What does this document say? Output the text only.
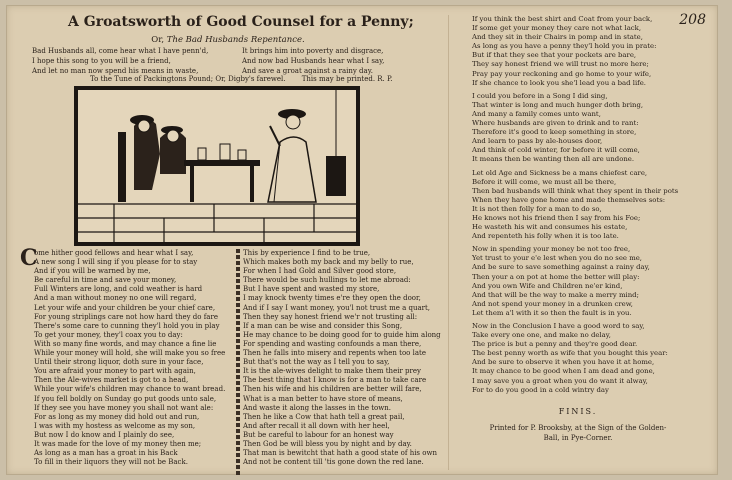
208
A Groatsworth of Good Counsel for a Penny;
Or, The Bad Husbands Repentance.
Bad Husbands all, come hear what I have penn'd,
I hope this song to you will be a friend,
And let no man now spend his means in waste,
It brings him into poverty and disgrace,
And now bad Husbands hear what I say,
And save a groat against a rainy day.
To the Tune of Packingtons Pound; Or, Digby's farewel. This may be printed. R. P.
C
ome hither good fellows and hear what I say,
A new song I will sing if you please for to stay
And if you will be warned by me,
Be careful in time and save your money,
Full Winters are long, and cold weather is hard
And a man without money no one will regard,
Let your wife and your children be your chief care,
For young striplings care not how hard they do fare
There's some care to cunning they'l hold you in play
To get your money, they'l coax you to day:
With so many fine words, and may chance a fine lie
While your money will hold, she will make you so free
Until their strong liquor, doth sure in your face,
You are afraid your money to part with again,
Then the Ale-wives market is got to a head,
While your wife's children may chance to want bread.
If you fell boldly on Sunday go put goods unto sale,
If they see you have money you shall not want ale:
For as long as my money did hold out and run,
I was with my hostess as welcome as my son,
But now I do know and I plainly do see,
It was made for the love of my money then me;
As long as a man has a groat in his Back
To fill in their liquors they will not be Back.
This by experience I find to be true,
Which makes both my back and my belly to rue,
For when I had Gold and Silver good store,
There would be such hullings to let me abroad:
But I have spent and wasted my store,
I may knock twenty times e're they open the door,
And if I say I want money, you'l not trust me a quart,
Then they say honest friend we'r not trusting all:
If a man can be wise and consider this Song,
He may chance to be doing good for to guide him along
For spending and wasting confounds a man there,
Then he falls into misery and repents when too late
But that's not the way as I tell you to say,
It is the ale-wives delight to make them their prey
The best thing that I know is for a man to take care
Then his wife and his children are better will fare,
What is a man better to have store of means,
And waste it along the lasses in the town.
Then he like a Cow that hath tell a great pail,
And after recall it all down with her heel,
But be careful to labour for an honest way
Then God be will bless you by night and by day.
That man is bewitcht that hath a good state of his own
And not be content till 'tis gone down the red lane.
If you think the best shirt and Coat from your back,
If some get your money they care not what lack,
And they sit in their Chairs in pomp and in state,
As long as you have a penny they'l hold you in prate:
But if that they see that your pockets are bare,
They say honest friend we will trust no more here;
Pray pay your reckoning and go home to your wife,
If she chance to look you she'l lead you a bad life.
I could you before in a Song I did sing,
That winter is long and much hunger doth bring,
And many a family comes unto want,
Where husbands are given to drink and to rant:
Therefore it's good to keep something in store,
And learn to pass by ale-houses door,
And think of cold winter, for before it will come,
It means then be wanting then all are undone.
Let old Age and Sickness be a mans chiefest care,
Before it will come, we must all be there,
Then bad husbands will think what they spent in their pots
When they have gone home and made themselves sots:
It is not then folly for a man to do so,
He knows not his friend then I say from his Foe;
He wasteth his wit and consumes his estate,
And repenteth his folly when it is too late.
Now in spending your money be not too free,
Yet trust to your e'e lest when you do no see me,
And be sure to save something against a rainy day,
Then your a on pot at home the better will play:
And you own Wife and Children ne'er kind,
And that will be the way to make a merry mind;
And not spend your money in a drunken crew,
Let them a'l with it so then the fault is in you.
Now in the Conclusion I have a good word to say,
Take every one one, and make no delay,
The price is but a penny and they're good dear.
The best penny worth as wife that you bought this year:
And be sure to observe it when you have it at home,
It may chance to be good when I am dead and gone,
I may save you a groat when you do want it alway,
For to do you good in a cold wintry day
FINIS.
Printed for P. Brooksby, at the Sign of the Golden-
Ball, in Pye-Corner.
